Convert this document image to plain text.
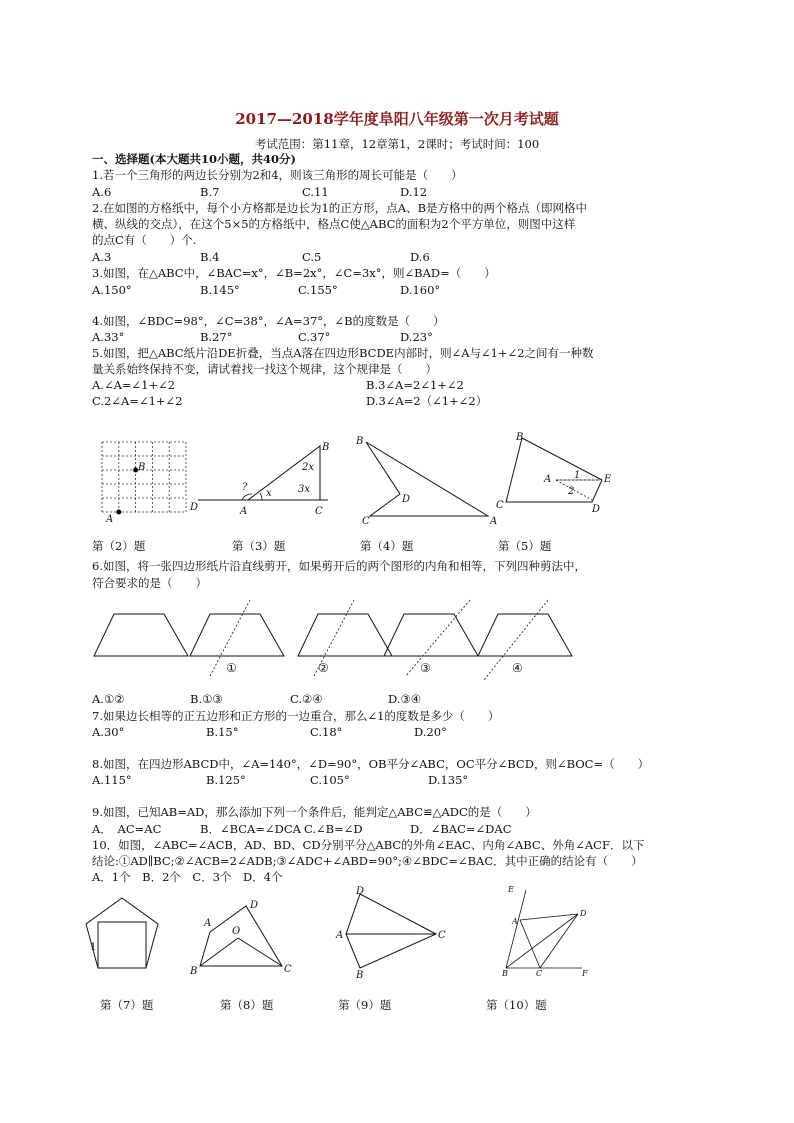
2017—2018学年度阜阳八年级第一次月考试题
考试范围：第11章，12章第1，2课时；考试时间：100
一、选择题(本大题共10小题，共40分)
1.若一个三角形的两边长分别为2和4，则该三角形的周长可能是（　　）
A.6	B.7	C.11	D.12
2.在如图的方格纸中，每个小方格都是边长为1的正方形，点A、B是方格中的两个格点（即网格中
横、纵线的交点），在这个5×5的方格纸中，格点C使△ABC的面积为2个平方单位，则图中这样
的点C有（　　）个.
A.3	B.4	C.5	D.6
3.如图，在△ABC中，∠BAC=x°，∠B=2x°，∠C=3x°，则∠BAD=（　　）
A.150°	B.145°	C.155°	D.160°
4.如图，∠BDC=98°，∠C=38°，∠A=37°，∠B的度数是（　　）
A.33°	B.27°	C.37°	D.23°
5.如图，把△ABC纸片沿DE折叠，当点A落在四边形BCDE内部时，则∠A与∠1+∠2之间有一种数
量关系始终保持不变，请试着找一找这个规律，这个规律是（　　）
A.∠A=∠1+∠2	B.3∠A=2∠1+∠2
C.2∠A=∠1+∠2	D.3∠A=2（∠1+∠2）
B
A
B
A	C
D
?
x
2x
3x
B
A
C
D
B
C	D
E
A 1
2
第（2）题	第（3）题	第（4）题	第（5）题
6.如图，将一张四边形纸片沿直线剪开，如果剪开后的两个图形的内角和相等，下列四种剪法中，
符合要求的是（　　）
①	②	③	④
A.①②	B.①③	C.②④	D.③④
7.如果边长相等的正五边形和正方形的一边重合，那么∠1的度数是多少（　　）
A.30°	B.15°	C.18°	D.20°
8.如图，在四边形ABCD中，∠A=140°，∠D=90°，OB平分∠ABC，OC平分∠BCD，则∠BOC=（　　）
A.115°	B.125°	C.105°	D.135°
9.如图，已知AB=AD，那么添加下列一个条件后，能判定△ABC≌△ADC的是（　　）
A．　AC=AC	B．∠BCA=∠DCA C.∠B=∠D	D．∠BAC=∠DAC
10．如图，∠ABC=∠ACB，AD、BD、CD分别平分△ABC的外角∠EAC、内角∠ABC、外角∠ACF．以下
结论:①AD∥BC;②∠ACB=2∠ADB;③∠ADC+∠ABD=90°;④∠BDC=∠BAC．其中正确的结论有（　　）
A．1个　B．2个　C．3个　D．4个
1
A
D
O
B	C
D
A	C
B
E
A
D
B	C	F
第（7）题	第（8）题	第（9）题	第（10）题
